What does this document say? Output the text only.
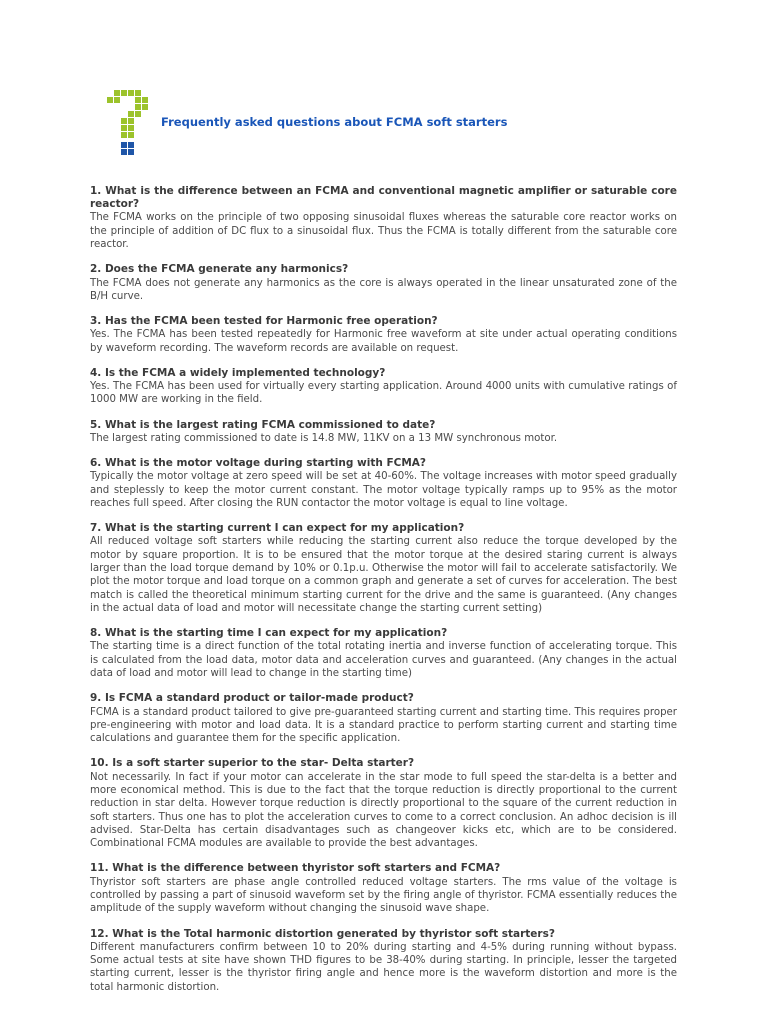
Frequently asked questions about FCMA soft starters
1. What is the difference between an FCMA and conventional magnetic amplifier or saturable core reactor?
The FCMA works on the principle of two opposing sinusoidal fluxes whereas the saturable core reactor works on the principle of addition of DC flux to a sinusoidal flux. Thus the FCMA is totally different from the saturable core reactor.
2. Does the FCMA generate any harmonics?
The FCMA does not generate any harmonics as the core is always operated in the linear unsaturated zone of the B/H curve.
3. Has the FCMA been tested for Harmonic free operation?
Yes. The FCMA has been tested repeatedly for Harmonic free waveform at site under actual operating conditions by waveform recording. The waveform records are available on request.
4. Is the FCMA a widely implemented technology?
Yes. The FCMA has been used for virtually every starting application. Around 4000 units with cumulative ratings of 1000 MW are working in the field.
5. What is the largest rating FCMA commissioned to date?
The largest rating commissioned to date is 14.8 MW, 11KV on a 13 MW synchronous motor.
6. What is the motor voltage during starting with FCMA?
Typically the motor voltage at zero speed will be set at 40-60%. The voltage increases with motor speed gradually and steplessly to keep the motor current constant. The motor voltage typically ramps up to 95% as the motor reaches full speed. After closing the RUN contactor the motor voltage is equal to line voltage.
7. What is the starting current I can expect for my application?
All reduced voltage soft starters while reducing the starting current also reduce the torque developed by the motor by square proportion. It is to be ensured that the motor torque at the desired staring current is always larger than the load torque demand by 10% or 0.1p.u. Otherwise the motor will fail to accelerate satisfactorily. We plot the motor torque and load torque on a common graph and generate a set of curves for acceleration. The best match is called the theoretical minimum starting current for the drive and the same is guaranteed. (Any changes in the actual data of load and motor will necessitate change the starting current setting)
8. What is the starting time I can expect for my application?
The starting time is a direct function of the total rotating inertia and inverse function of accelerating torque. This is calculated from the load data, motor data and acceleration curves and guaranteed. (Any changes in the actual data of load and motor will lead to change in the starting time)
9. Is FCMA a standard product or tailor-made product?
FCMA is a standard product tailored to give pre-guaranteed starting current and starting time. This requires proper pre-engineering with motor and load data. It is a standard practice to perform starting current and starting time calculations and guarantee them for the specific application.
10. Is a soft starter superior to the star- Delta starter?
Not necessarily. In fact if your motor can accelerate in the star mode to full speed the star-delta is a better and more economical method. This is due to the fact that the torque reduction is directly proportional to the current reduction in star delta. However torque reduction is directly proportional to the square of the current reduction in soft starters. Thus one has to plot the acceleration curves to come to a correct conclusion. An adhoc decision is ill advised. Star-Delta has certain disadvantages such as changeover kicks etc, which are to be considered. Combinational FCMA modules are available to provide the best advantages.
11. What is the difference between thyristor soft starters and FCMA?
Thyristor soft starters are phase angle controlled reduced voltage starters. The rms value of the voltage is controlled by passing a part of sinusoid waveform set by the firing angle of thyristor. FCMA essentially reduces the amplitude of the supply waveform without changing the sinusoid wave shape.
12. What is the Total harmonic distortion generated by thyristor soft starters?
Different manufacturers confirm between 10 to 20% during starting and 4-5% during running without bypass. Some actual tests at site have shown THD figures to be 38-40% during starting. In principle, lesser the targeted starting current, lesser is the thyristor firing angle and hence more is the waveform distortion and more is the total harmonic distortion.
